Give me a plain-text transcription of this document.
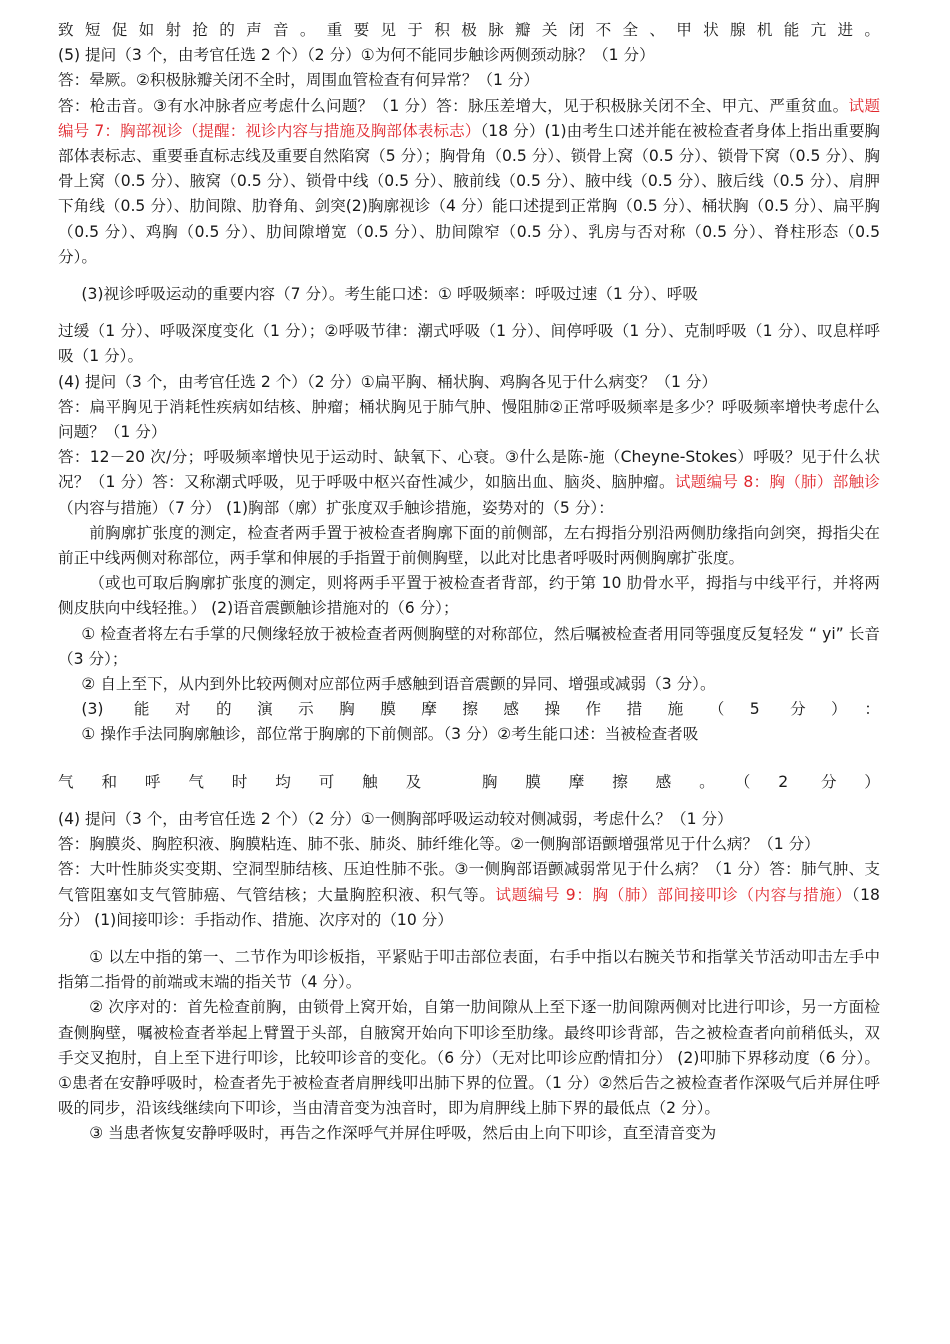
致短促如射抢的声音。重要见于积极脉瓣关闭不全、甲状腺机能亢进。

(5) 提问（3 个，由考官任选 2 个）（2 分）①为何不能同步触诊两侧颈动脉？（1 分）

答：晕厥。②积极脉瓣关闭不全时，周围血管检查有何异常？（1 分）

答：枪击音。③有水冲脉者应考虑什么问题？（1 分）答：脉压差增大，见于积极脉关闭不全、甲亢、严重贫血。试题编号 7：胸部视诊（提醒：视诊内容与措施及胸部体表标志）（18 分）(1)由考生口述并能在被检查者身体上指出重要胸部体表标志、重要垂直标志线及重要自然陷窝（5 分）；胸骨角（0.5 分）、锁骨上窝（0.5 分）、锁骨下窝（0.5 分）、胸骨上窝（0.5 分）、腋窝（0.5 分）、锁骨中线（0.5 分）、腋前线（0.5 分）、腋中线（0.5 分）、腋后线（0.5 分）、肩胛下角线（0.5 分）、肋间隙、肋脊角、剑突(2)胸廓视诊（4 分）能口述提到正常胸（0.5 分）、桶状胸（0.5 分）、扁平胸（0.5 分）、鸡胸（0.5 分）、肋间隙增宽（0.5 分）、肋间隙窄（0.5 分）、乳房与否对称（0.5 分）、脊柱形态（0.5 分）。

(3)视诊呼吸运动的重要内容（7 分）。考生能口述：① 呼吸频率：呼吸过速（1 分）、呼吸

过缓（1 分）、呼吸深度变化（1 分）；②呼吸节律：潮式呼吸（1 分）、间停呼吸（1 分）、克制呼吸（1 分）、叹息样呼吸（1 分）。

(4) 提问（3 个，由考官任选 2 个）（2 分）①扁平胸、桶状胸、鸡胸各见于什么病变？（1 分）

答：扁平胸见于消耗性疾病如结核、肿瘤；桶状胸见于肺气肿、慢阻肺②正常呼吸频率是多少？呼吸频率增快考虑什么问题？（1 分）

答：12－20 次/分；呼吸频率增快见于运动时、缺氧下、心衰。③什么是陈-施（Cheyne-Stokes）呼吸？见于什么状况？（1 分）答：又称潮式呼吸，见于呼吸中枢兴奋性减少，如脑出血、脑炎、脑肿瘤。试题编号 8：胸（肺）部触诊（内容与措施）（7 分） (1)胸部（廓）扩张度双手触诊措施，姿势对的（5 分）：

前胸廓扩张度的测定，检查者两手置于被检查者胸廓下面的前侧部，左右拇指分别沿两侧肋缘指向剑突，拇指尖在前正中线两侧对称部位，两手掌和伸展的手指置于前侧胸壁，以此对比患者呼吸时两侧胸廓扩张度。

（或也可取后胸廓扩张度的测定，则将两手平置于被检查者背部，约于第 10 肋骨水平，拇指与中线平行，并将两侧皮肤向中线轻推。） (2)语音震颤触诊措施对的（6 分）；

① 检查者将左右手掌的尺侧缘轻放于被检查者两侧胸壁的对称部位，然后嘱被检查者用同等强度反复轻发 “ yi” 长音（3 分）；

② 自上至下，从内到外比较两侧对应部位两手感触到语音震颤的异同、增强或减弱（3 分）。

(3) 能对的演示胸膜摩擦感操作措施（5 分）：

① 操作手法同胸廓触诊，部位常于胸廓的下前侧部。（3 分）②考生能口述：当被检查者吸

气和呼气时均可触及 胸膜摩擦感。（2 分）

(4) 提问（3 个，由考官任选 2 个）（2 分）①一侧胸部呼吸运动较对侧减弱，考虑什么？（1 分）

答：胸膜炎、胸腔积液、胸膜粘连、肺不张、肺炎、肺纤维化等。②一侧胸部语颤增强常见于什么病？（1 分）

答：大叶性肺炎实变期、空洞型肺结核、压迫性肺不张。③一侧胸部语颤减弱常见于什么病？（1 分）答：肺气肿、支气管阻塞如支气管肺癌、气管结核；大量胸腔积液、积气等。试题编号 9：胸（肺）部间接叩诊（内容与措施）（18 分） (1)间接叩诊：手指动作、措施、次序对的（10 分）

① 以左中指的第一、二节作为叩诊板指，平紧贴于叩击部位表面，右手中指以右腕关节和指掌关节活动叩击左手中指第二指骨的前端或末端的指关节（4 分）。

② 次序对的：首先检查前胸，由锁骨上窝开始，自第一肋间隙从上至下逐一肋间隙两侧对比进行叩诊，另一方面检查侧胸壁，嘱被检查者举起上臂置于头部，自腋窝开始向下叩诊至肋缘。最终叩诊背部，告之被检查者向前稍低头，双手交叉抱肘，自上至下进行叩诊，比较叩诊音的变化。（6 分）（无对比叩诊应酌情扣分） (2)叩肺下界移动度（6 分）。①患者在安静呼吸时，检查者先于被检查者肩胛线叩出肺下界的位置。（1 分）②然后告之被检查者作深吸气后并屏住呼吸的同步，沿该线继续向下叩诊，当由清音变为浊音时，即为肩胛线上肺下界的最低点（2 分）。

③ 当患者恢复安静呼吸时，再告之作深呼气并屏住呼吸，然后由上向下叩诊，直至清音变为
